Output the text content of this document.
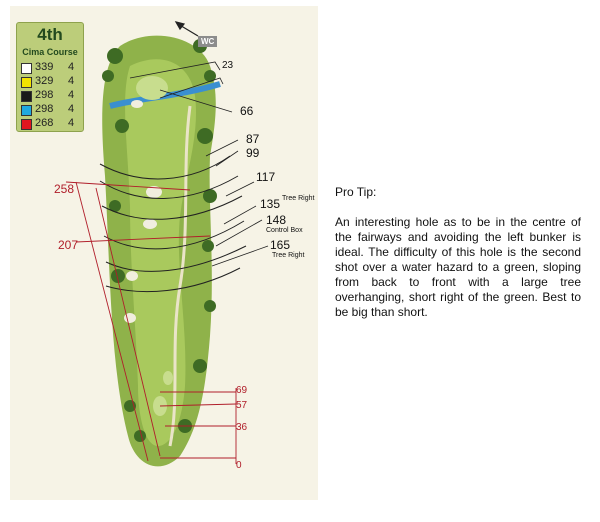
4th
Cima Course
339 4
329 4
298 4
298 4
268 4
WC
23
66
87
99
117
135 Tree Right
148
Control Box
165
Tree Right
258
207
69
57
36
0
Pro Tip:
An interesting hole as to be in the centre of the fairways and avoiding the left bunker is ideal. The difficulty of this hole is the second shot over a water hazard to a green, sloping from back to front with a large tree overhanging, short right of the green. Best to be big than short.
